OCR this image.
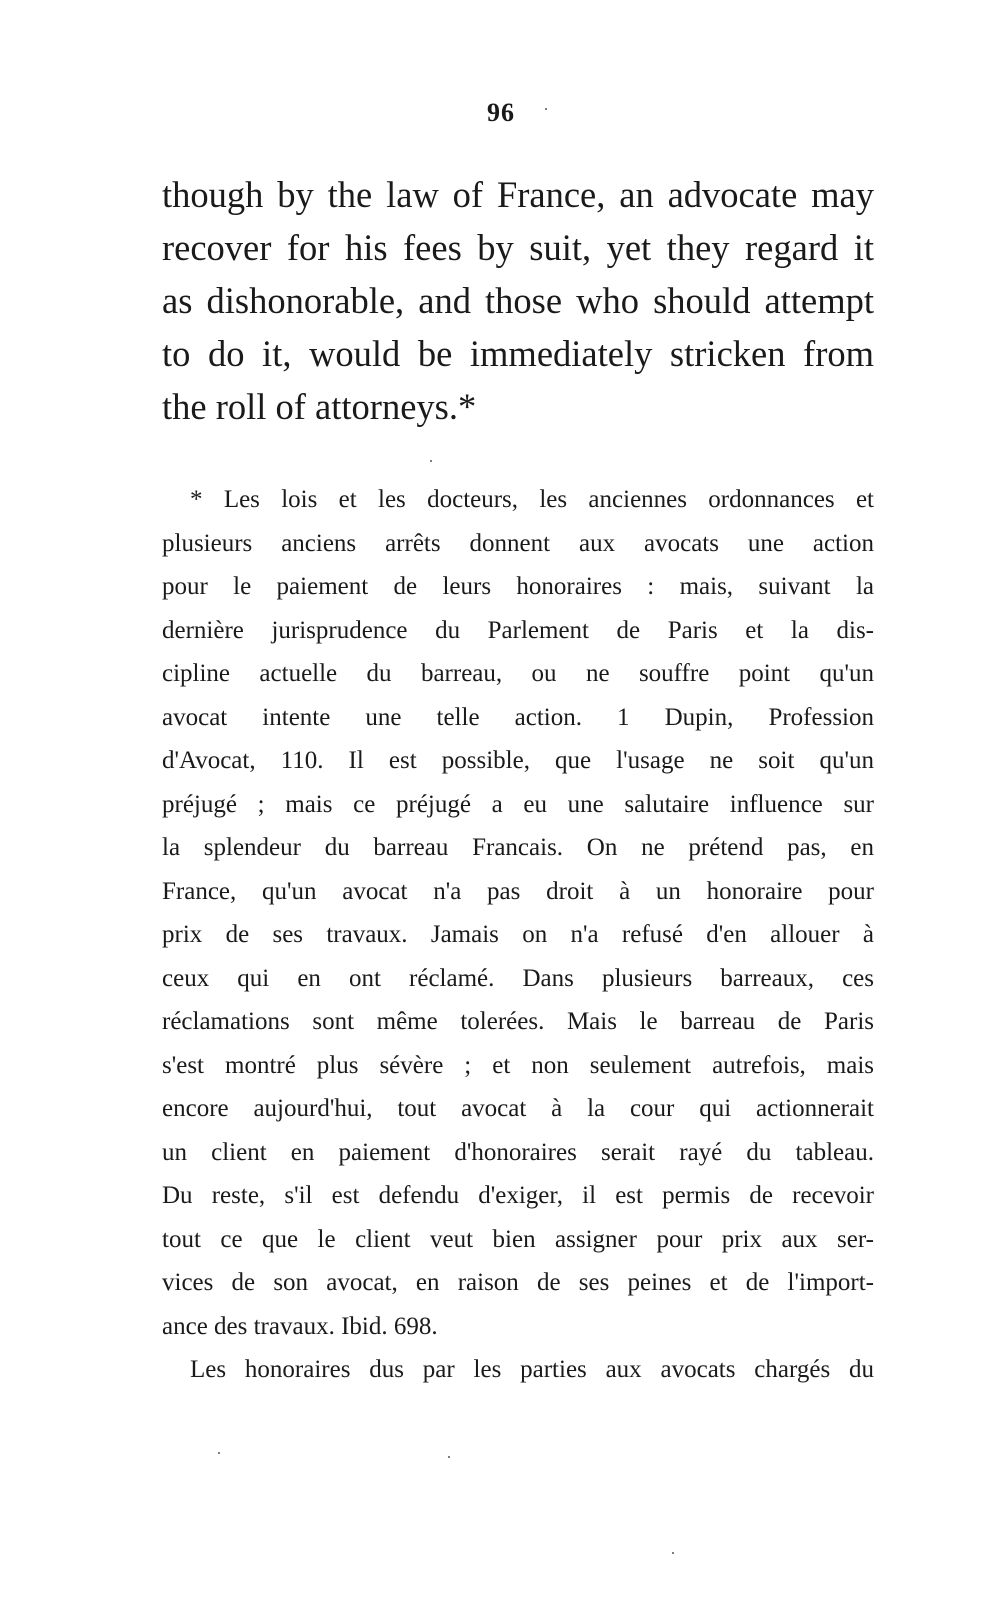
96
though by the law of France, an advocate may
recover for his fees by suit, yet they regard it
as dishonorable, and those who should attempt
to do it, would be immediately stricken from
the roll of attorneys.*
* Les lois et les docteurs, les anciennes ordonnances et
plusieurs anciens arrêts donnent aux avocats une action
pour le paiement de leurs honoraires : mais, suivant la
dernière jurisprudence du Parlement de Paris et la dis-
cipline actuelle du barreau, ou ne souffre point qu'un
avocat intente une telle action. 1 Dupin, Profession
d'Avocat, 110. Il est possible, que l'usage ne soit qu'un
préjugé ; mais ce préjugé a eu une salutaire influence sur
la splendeur du barreau Francais. On ne prétend pas, en
France, qu'un avocat n'a pas droit à un honoraire pour
prix de ses travaux. Jamais on n'a refusé d'en allouer à
ceux qui en ont réclamé. Dans plusieurs barreaux, ces
réclamations sont même tolerées. Mais le barreau de Paris
s'est montré plus sévère ; et non seulement autrefois, mais
encore aujourd'hui, tout avocat à la cour qui actionnerait
un client en paiement d'honoraires serait rayé du tableau.
Du reste, s'il est defendu d'exiger, il est permis de recevoir
tout ce que le client veut bien assigner pour prix aux ser-
vices de son avocat, en raison de ses peines et de l'import-
ance des travaux. Ibid. 698.
Les honoraires dus par les parties aux avocats chargés du
